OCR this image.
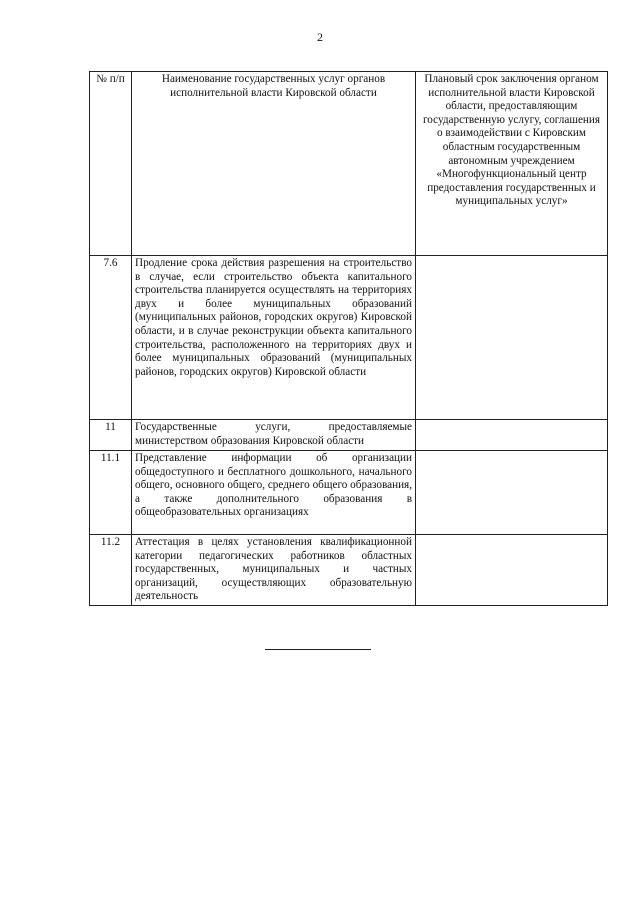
2
№ п/п	Наименование государственных услуг органов исполнительной власти Кировской области	Плановый срок заключения органом исполнительной власти Кировской области, предоставляющим государственную услугу, соглашения о взаимодействии с Кировским областным государственным автономным учреждением «Многофункциональный центр предоставления государственных и муниципальных услуг»
7.6	Продление срока действия разрешения на строительство в случае, если строительство объекта капитального строительства планируется осуществлять на территориях двух и более муниципальных образований (муниципальных районов, городских округов) Кировской области, и в случае реконструкции объекта капитального строительства, расположенного на территориях двух и более муниципальных образований (муниципальных районов, городских округов) Кировской области	
11	Государственные услуги, предоставляемые министерством образования Кировской области	
11.1	Представление информации об организации общедоступного и бесплатного дошкольного, начального общего, основного общего, среднего общего образования, а также дополнительного образования в общеобразовательных организациях	
11.2	Аттестация в целях установления квалификационной категории педагогических работников областных государственных, муниципальных и частных организаций, осуществляющих образовательную деятельность	
